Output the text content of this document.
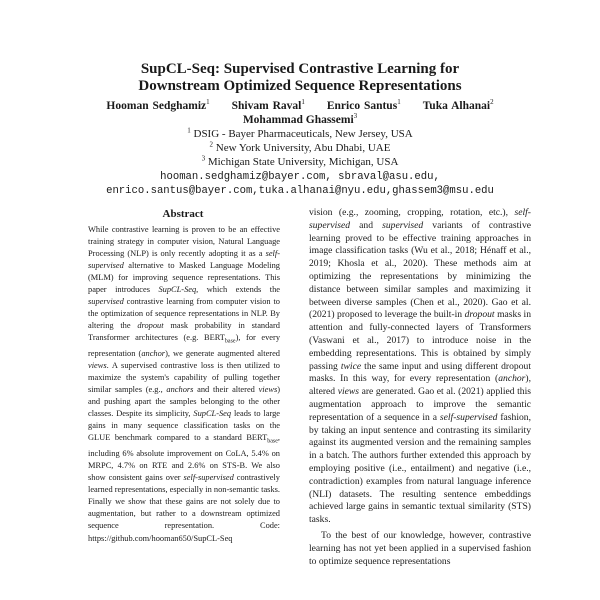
SupCL-Seq: Supervised Contrastive Learning for
Downstream Optimized Sequence Representations
Hooman Sedghamiz$^1$ Shivam Raval$^1$ Enrico Santus$^1$ Tuka Alhanai$^2$
Mohammad Ghassemi$^3$
$^1$ DSIG - Bayer Pharmaceuticals, New Jersey, USA
$^2$ New York University, Abu Dhabi, UAE
$^3$ Michigan State University, Michigan, USA
hooman.sedghamiz@bayer.com, sbraval@asu.edu,
enrico.santus@bayer.com,tuka.alhanai@nyu.edu,ghassem3@msu.edu
Abstract

While contrastive learning is proven to be an effective training strategy in computer vision, Natural Language Processing (NLP) is only recently adopting it as a self-supervised alternative to Masked Language Modeling (MLM) for improving sequence representations. This paper introduces SupCL-Seq, which extends the supervised contrastive learning from computer vision to the optimization of sequence representations in NLP. By altering the dropout mask probability in standard Transformer architectures (e.g. $BERT_{base}$), for every representation (anchor), we generate augmented altered views. A supervised contrastive loss is then utilized to maximize the system's capability of pulling together similar samples (e.g., anchors and their altered views) and pushing apart the samples belonging to the other classes. Despite its simplicity, SupCL-Seq leads to large gains in many sequence classification tasks on the GLUE benchmark compared to a standard $BERT_{base}$, including 6% absolute improvement on CoLA, 5.4% on MRPC, 4.7% on RTE and 2.6% on STS-B. We also show consistent gains over self-supervised contrastively learned representations, especially in non-semantic tasks. Finally we show that these gains are not solely due to augmentation, but rather to a downstream optimized sequence representation. Code: https://github.com/hooman650/SupCL-Seq

vision (e.g., zooming, cropping, rotation, etc.), self-supervised and supervised variants of contrastive learning proved to be effective training approaches in image classification tasks (Wu et al., 2018; Hénaff et al., 2019; Khosla et al., 2020). These methods aim at optimizing the representations by minimizing the distance between similar samples and maximizing it between diverse samples (Chen et al., 2020). Gao et al. (2021) proposed to leverage the built-in dropout masks in attention and fully-connected layers of Transformers (Vaswani et al., 2017) to introduce noise in the embedding representations. This is obtained by simply passing twice the same input and using different dropout masks. In this way, for every representation (anchor), altered views are generated. Gao et al. (2021) applied this augmentation approach to improve the semantic representation of a sequence in a self-supervised fashion, by taking an input sentence and contrasting its similarity against its augmented version and the remaining samples in a batch. The authors further extended this approach by employing positive (i.e., entailment) and negative (i.e., contradiction) examples from natural language inference (NLI) datasets. The resulting sentence embeddings achieved large gains in semantic textual similarity (STS) tasks.

To the best of our knowledge, however, contrastive learning has not yet been applied in a supervised fashion to optimize sequence representations
